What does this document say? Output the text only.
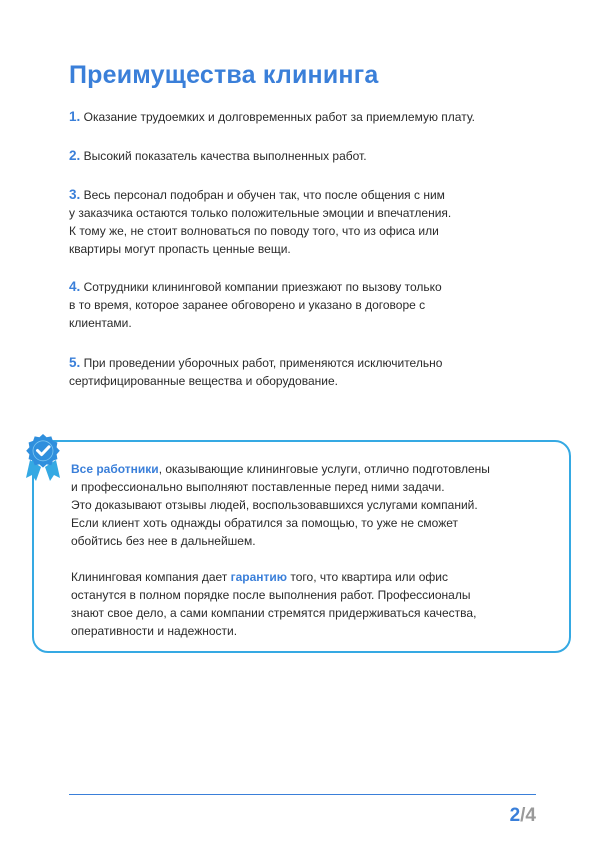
Преимущества клининга

1. Оказание трудоемких и долговременных работ за приемлемую плату.

2. Высокий показатель качества выполненных работ.

3. Весь персонал подобран и обучен так, что после общения с ним
у заказчика остаются только положительные эмоции и впечатления.
К тому же, не стоит волноваться по поводу того, что из офиса или
квартиры могут пропасть ценные вещи.

4. Сотрудники клининговой компании приезжают по вызову только
в то время, которое заранее обговорено и указано в договоре с
клиентами.

5. При проведении уборочных работ, применяются исключительно
сертифицированные вещества и оборудование.

Все работники, оказывающие клининговые услуги, отлично подготовлены
и профессионально выполняют поставленные перед ними задачи.
Это доказывают отзывы людей, воспользовавшихся услугами компаний.
Если клиент хоть однажды обратился за помощью, то уже не сможет
обойтись без нее в дальнейшем.

Клининговая компания дает гарантию того, что квартира или офис
останутся в полном порядке после выполнения работ. Профессионалы
знают свое дело, а сами компании стремятся придерживаться качества,
оперативности и надежности.

2/4
